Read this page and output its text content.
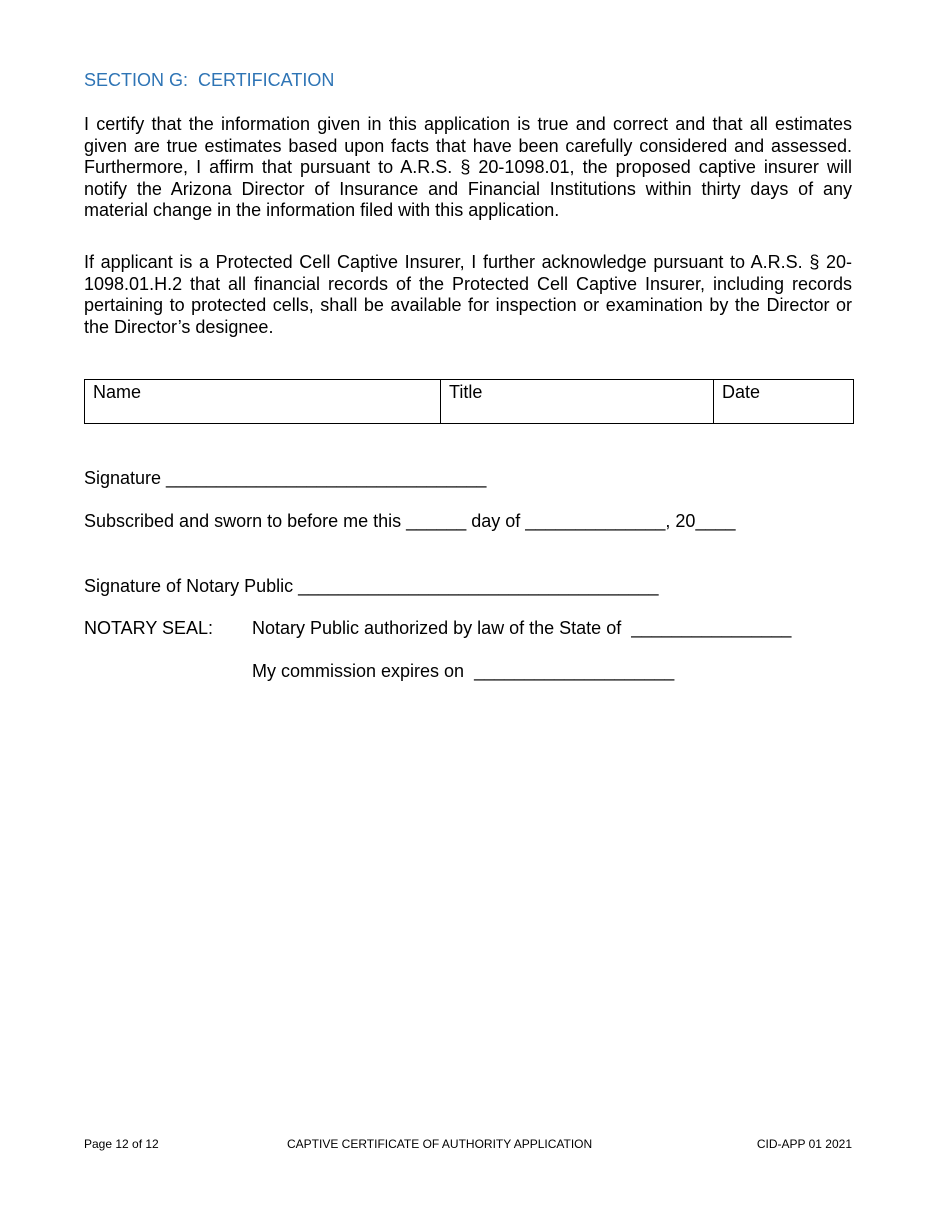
SECTION G:  CERTIFICATION

I certify that the information given in this application is true and correct and that all estimates given are true estimates based upon facts that have been carefully considered and assessed. Furthermore, I affirm that pursuant to A.R.S. § 20-1098.01, the proposed captive insurer will notify the Arizona Director of Insurance and Financial Institutions within thirty days of any material change in the information filed with this application.

If applicant is a Protected Cell Captive Insurer, I further acknowledge pursuant to A.R.S. § 20-1098.01.H.2 that all financial records of the Protected Cell Captive Insurer, including records pertaining to protected cells, shall be available for inspection or examination by the Director or the Director’s designee.

Name	Title	Date

Signature ________________________________

Subscribed and sworn to before me this ______ day of ______________, 20____

Signature of Notary Public ____________________________________

NOTARY SEAL: Notary Public authorized by law of the State of  ________________

My commission expires on  ____________________

Page 12 of 12	CAPTIVE CERTIFICATE OF AUTHORITY APPLICATION	CID-APP 01 2021
